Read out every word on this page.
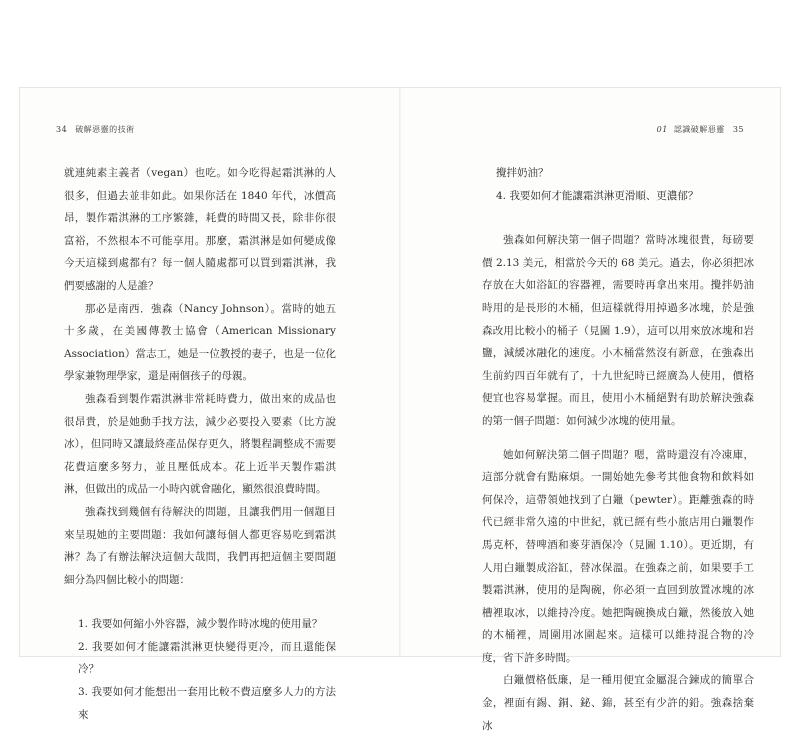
34 破解惡靈的技術	01 認識破解惡靈 35

就連純素主義者（vegan）也吃。如今吃得起霜淇淋的人很多，但過去並非如此。如果你活在 1840 年代，冰價高昂，製作霜淇淋的工序繁雜，耗費的時間又長，除非你很富裕，不然根本不可能享用。那麼，霜淇淋是如何變成像今天這樣到處都有？每一個人隨處都可以買到霜淇淋，我們要感謝的人是誰？

那必是南西．強森（Nancy Johnson）。當時的她五十多歲，在美國傳教士協會（American Missionary Association）當志工，她是一位教授的妻子，也是一位化學家兼物理學家，還是兩個孩子的母親。

強森看到製作霜淇淋非常耗時費力，做出來的成品也很昂貴，於是她動手找方法，減少必要投入要素（比方說冰），但同時又讓最終產品保存更久，將製程調整成不需要花費這麼多努力，並且壓低成本。花上近半天製作霜淇淋，但做出的成品一小時內就會融化，顯然很浪費時間。

強森找到幾個有待解決的問題，且讓我們用一個題目來呈現她的主要問題：我如何讓每個人都更容易吃到霜淇淋？為了有辦法解決這個大哉問，我們再把這個主要問題細分為四個比較小的問題：

1. 我要如何縮小外容器，減少製作時冰塊的使用量？

2. 我要如何才能讓霜淇淋更快變得更冷，而且還能保冷？

3. 我要如何才能想出一套用比較不費這麼多人力的方法來

攪拌奶油？

4. 我要如何才能讓霜淇淋更滑順、更濃郁？

強森如何解決第一個子問題？當時冰塊很貴，每磅要價 2.13 美元，相當於今天的 68 美元。過去，你必須把冰存放在大如浴缸的容器裡，需要時再拿出來用。攪拌奶油時用的是長形的木桶，但這樣就得用掉過多冰塊，於是強森改用比較小的桶子（見圖 1.9），這可以用來放冰塊和岩鹽，減緩冰融化的速度。小木桶當然沒有新意，在強森出生前約四百年就有了，十九世紀時已經廣為人使用，價格便宜也容易掌握。而且，使用小木桶絕對有助於解決強森的第一個子問題：如何減少冰塊的使用量。

她如何解決第二個子問題？嗯，當時還沒有冷凍庫，這部分就會有點麻煩。一開始她先參考其他食物和飲料如何保冷，這帶領她找到了白鑞（pewter）。距離強森的時代已經非常久遠的中世紀，就已經有些小旅店用白鑞製作馬克杯，替啤酒和麥芽酒保冷（見圖 1.10）。更近期，有人用白鑞製成浴缸，替冰保溫。在強森之前，如果要手工製霜淇淋，使用的是陶碗，你必須一直回到放置冰塊的冰槽裡取冰，以維持冷度。她把陶碗換成白鑞，然後放入她的木桶裡，周圍用冰圍起來。這樣可以維持混合物的冷度，省下許多時間。

白鑞價格低廉，是一種用便宜金屬混合鍊成的簡單合金，裡面有錫、銅、鉍、錦，甚至有少許的鉛。強森捨棄冰
